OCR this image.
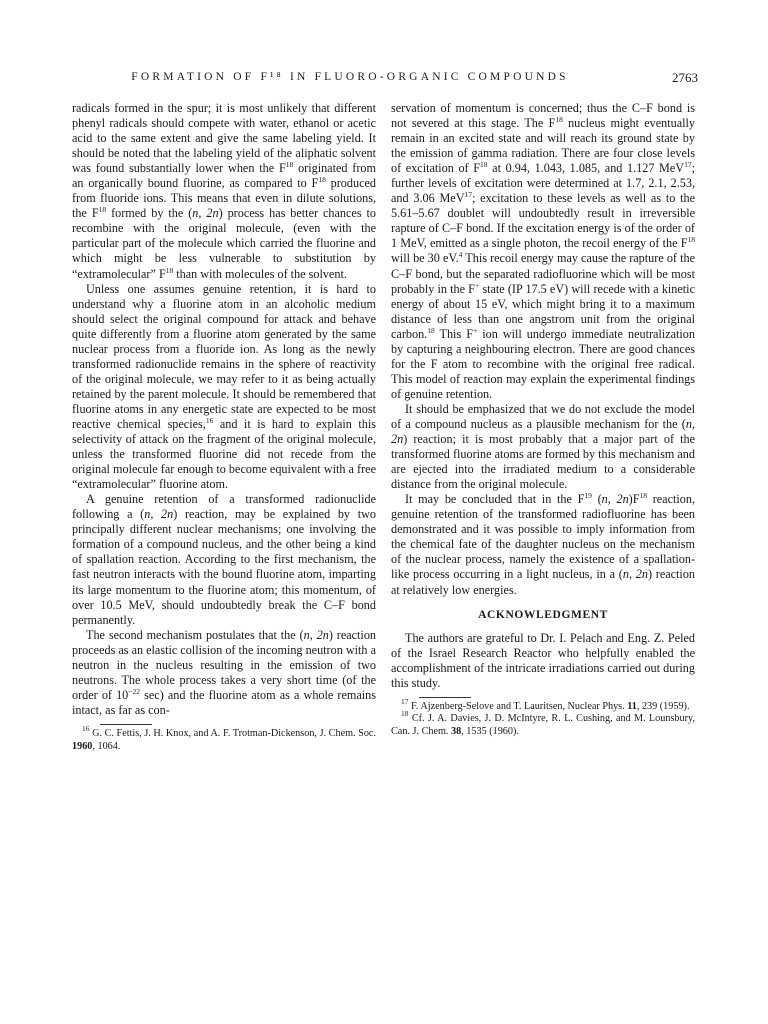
FORMATION OF F¹⁸ IN FLUORO-ORGANIC COMPOUNDS	2763

radicals formed in the spur; it is most unlikely that different phenyl radicals should compete with water, ethanol or acetic acid to the same extent and give the same labeling yield. It should be noted that the labeling yield of the aliphatic solvent was found substantially lower when the $F^{18}$ originated from an organically bound fluorine, as compared to $F^{18}$ produced from fluoride ions. This means that even in dilute solutions, the $F^{18}$ formed by the (n, 2n) process has better chances to recombine with the original molecule, (even with the particular part of the molecule which carried the fluorine and which might be less vulnerable to substitution by “extramolecular” $F^{18}$ than with molecules of the solvent.

Unless one assumes genuine retention, it is hard to understand why a fluorine atom in an alcoholic medium should select the original compound for attack and behave quite differently from a fluorine atom generated by the same nuclear process from a fluoride ion. As long as the newly transformed radionuclide remains in the sphere of reactivity of the original molecule, we may refer to it as being actually retained by the parent molecule. It should be remembered that fluorine atoms in any energetic state are expected to be most reactive chemical species,$^{16}$ and it is hard to explain this selectivity of attack on the fragment of the original molecule, unless the transformed fluorine did not recede from the original molecule far enough to become equivalent with a free “extramolecular” fluorine atom.

A genuine retention of a transformed radionuclide following a (n, 2n) reaction, may be explained by two principally different nuclear mechanisms; one involving the formation of a compound nucleus, and the other being a kind of spallation reaction. According to the first mechanism, the fast neutron interacts with the bound fluorine atom, imparting its large momentum to the fluorine atom; this momentum, of over 10.5 MeV, should undoubtedly break the C–F bond permanently.

The second mechanism postulates that the (n, 2n) reaction proceeds as an elastic collision of the incoming neutron with a neutron in the nucleus resulting in the emission of two neutrons. The whole process takes a very short time (of the order of $10^{-22}$ sec) and the fluorine atom as a whole remains intact, as far as con-

$^{16}$ G. C. Fettis, J. H. Knox, and A. F. Trotman-Dickenson, J. Chem. Soc. 1960, 1064.

servation of momentum is concerned; thus the C–F bond is not severed at this stage. The $F^{18}$ nucleus might eventually remain in an excited state and will reach its ground state by the emission of gamma radiation. There are four close levels of excitation of $F^{18}$ at 0.94, 1.043, 1.085, and 1.127 MeV$^{17}$; further levels of excitation were determined at 1.7, 2.1, 2.53, and 3.06 MeV$^{17}$; excitation to these levels as well as to the 5.61–5.67 doublet will undoubtedly result in irreversible rapture of C–F bond. If the excitation energy is of the order of 1 MeV, emitted as a single photon, the recoil energy of the $F^{18}$ will be 30 eV.$^4$ This recoil energy may cause the rapture of the C–F bond, but the separated radiofluorine which will be most probably in the F+ state (IP 17.5 eV) will recede with a kinetic energy of about 15 eV, which might bring it to a maximum distance of less than one angstrom unit from the original carbon.$^{18}$ This F+ ion will undergo immediate neutralization by capturing a neighbouring electron. There are good chances for the F atom to recombine with the original free radical. This model of reaction may explain the experimental findings of genuine retention.

It should be emphasized that we do not exclude the model of a compound nucleus as a plausible mechanism for the (n, 2n) reaction; it is most probably that a major part of the transformed fluorine atoms are formed by this mechanism and are ejected into the irradiated medium to a considerable distance from the original molecule.

It may be concluded that in the $F^{19}$ (n, $2n)F^{18}$ reaction, genuine retention of the transformed radiofluorine has been demonstrated and it was possible to imply information from the chemical fate of the daughter nucleus on the mechanism of the nuclear process, namely the existence of a spallation-like process occurring in a light nucleus, in a (n, 2n) reaction at relatively low energies.

ACKNOWLEDGMENT

The authors are grateful to Dr. I. Pelach and Eng. Z. Peled of the Israel Research Reactor who helpfully enabled the accomplishment of the intricate irradiations carried out during this study.

$^{17}$ F. Ajzenberg-Selove and T. Lauritsen, Nuclear Phys. 11, 239 (1959).

$^{18}$ Cf. J. A. Davies, J. D. McIntyre, R. L. Cushing, and M. Lounsbury, Can. J. Chem. 38, 1535 (1960).
